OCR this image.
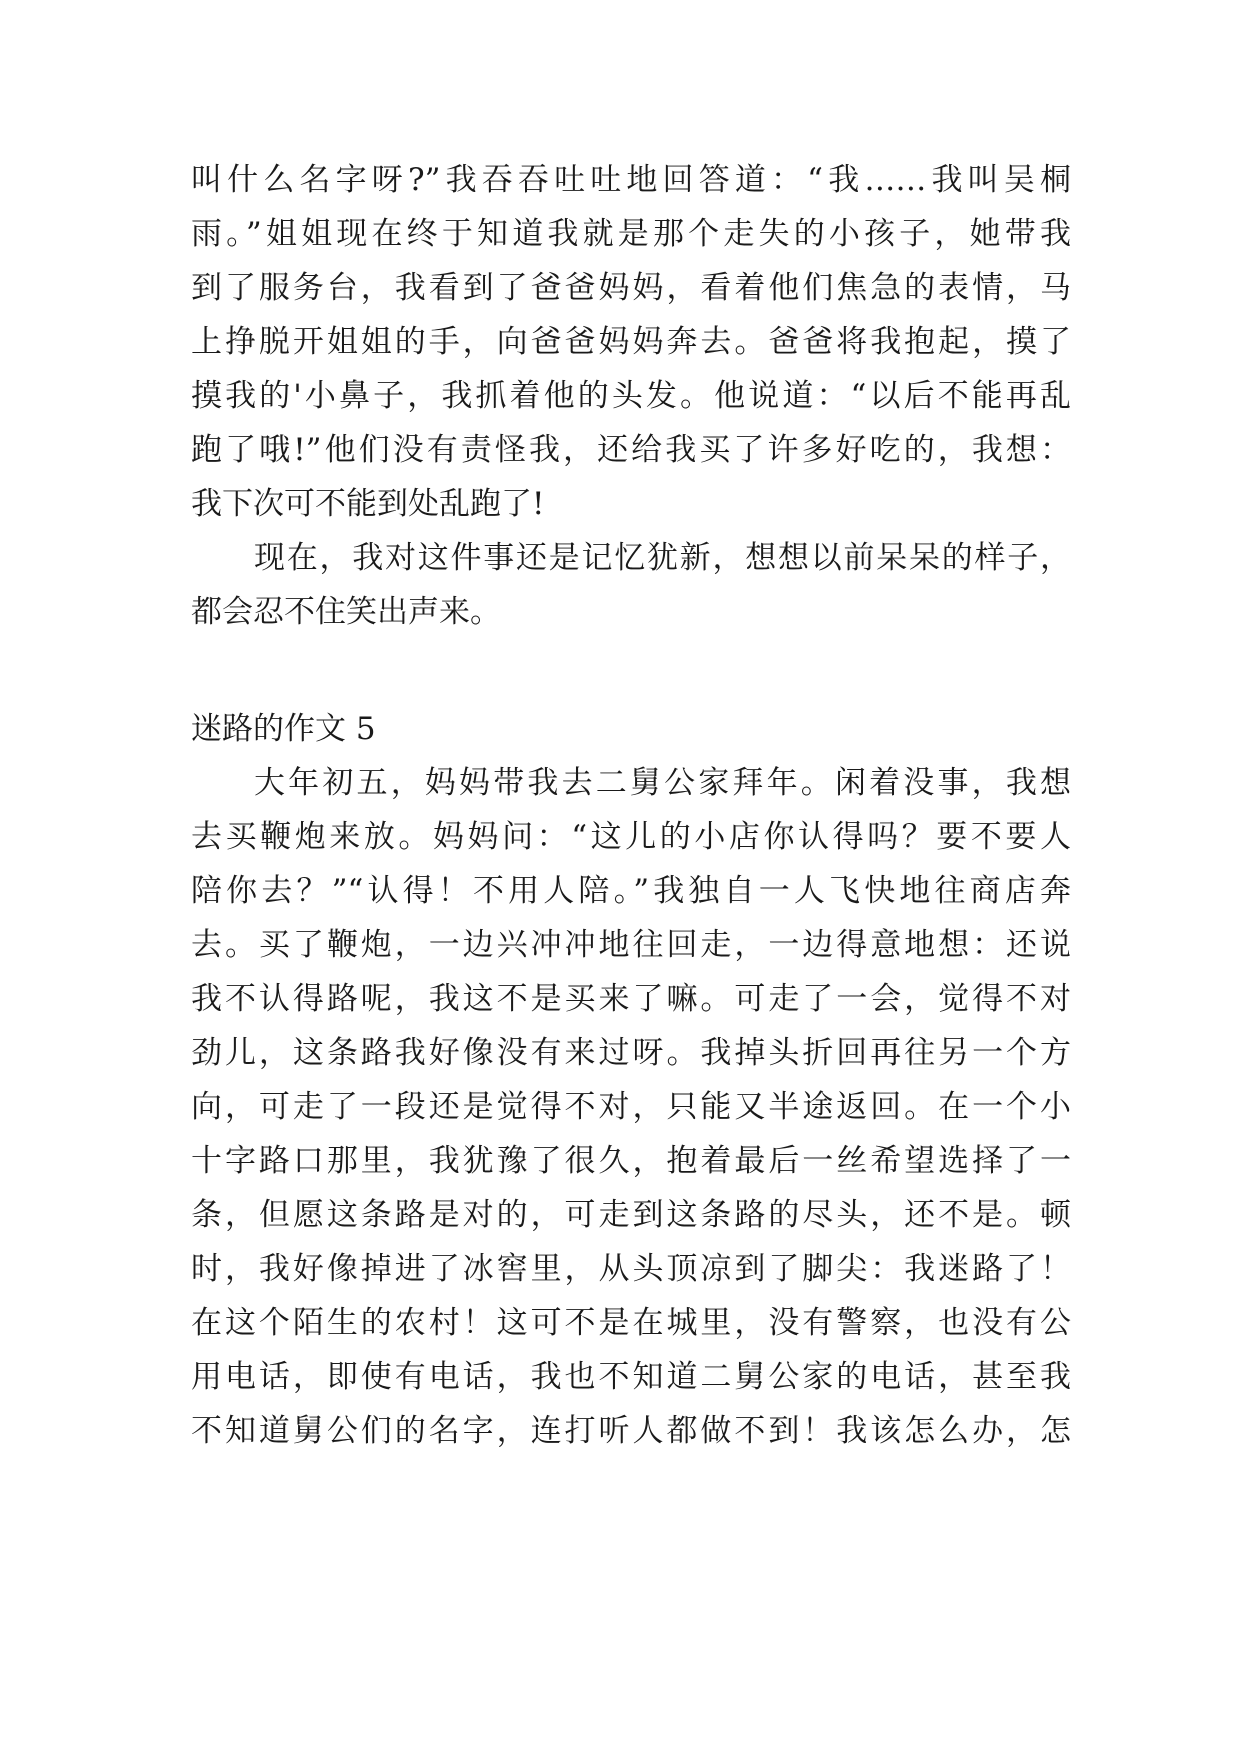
叫什么名字呀?”我吞吞吐吐地回答道：“我……我叫吴桐
雨。”姐姐现在终于知道我就是那个走失的小孩子，她带我
到了服务台，我看到了爸爸妈妈，看着他们焦急的表情，马
上挣脱开姐姐的手，向爸爸妈妈奔去。爸爸将我抱起，摸了
摸我的'小鼻子，我抓着他的头发。他说道：“以后不能再乱
跑了哦!”他们没有责怪我，还给我买了许多好吃的，我想：
我下次可不能到处乱跑了!
现在，我对这件事还是记忆犹新，想想以前呆呆的样子，
都会忍不住笑出声来。
迷路的作文 5
大年初五，妈妈带我去二舅公家拜年。闲着没事，我想
去买鞭炮来放。妈妈问：“这儿的小店你认得吗？要不要人
陪你去？”“认得！不用人陪。”我独自一人飞快地往商店奔
去。买了鞭炮，一边兴冲冲地往回走，一边得意地想：还说
我不认得路呢，我这不是买来了嘛。可走了一会，觉得不对
劲儿，这条路我好像没有来过呀。我掉头折回再往另一个方
向，可走了一段还是觉得不对，只能又半途返回。在一个小
十字路口那里，我犹豫了很久，抱着最后一丝希望选择了一
条，但愿这条路是对的，可走到这条路的尽头，还不是。顿
时，我好像掉进了冰窖里，从头顶凉到了脚尖：我迷路了！
在这个陌生的农村！这可不是在城里，没有警察，也没有公
用电话，即使有电话，我也不知道二舅公家的电话，甚至我
不知道舅公们的名字，连打听人都做不到！我该怎么办，怎
